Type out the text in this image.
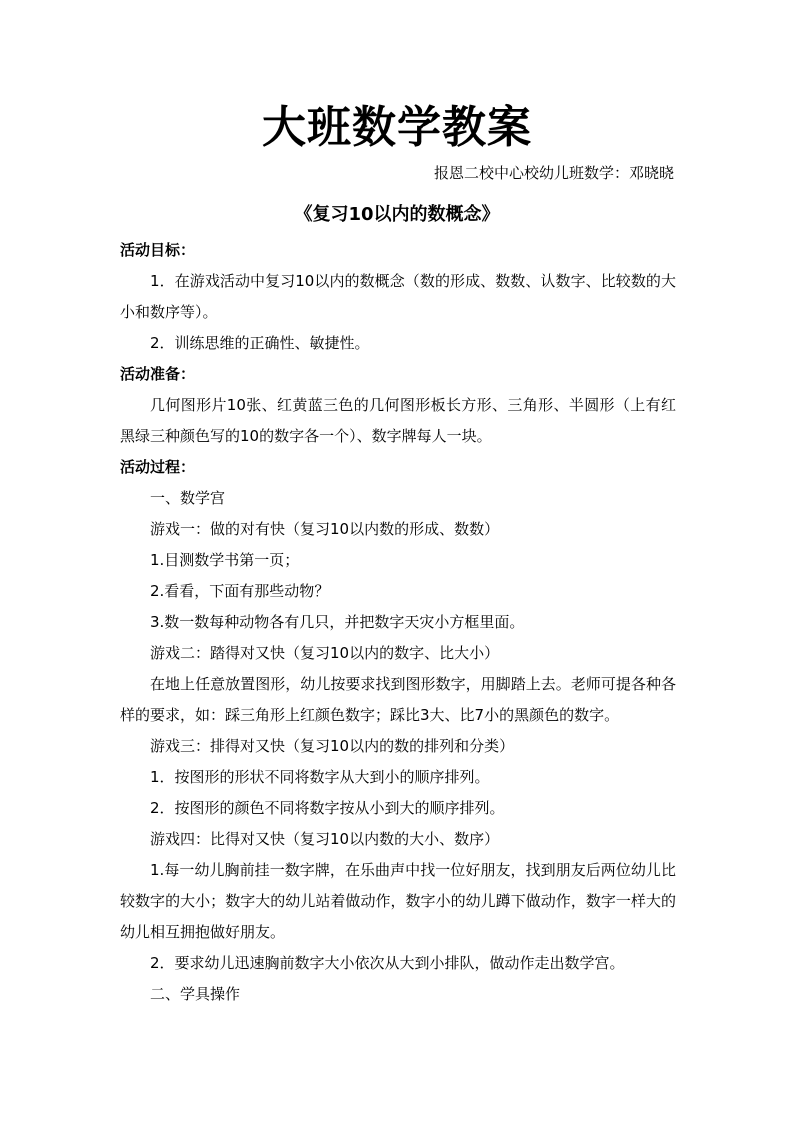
大班数学教案
报恩二校中心校幼儿班数学：邓晓晓
《复习10以内的数概念》
活动目标：
1．在游戏活动中复习10以内的数概念（数的形成、数数、认数字、比较数的大小和数序等）。
2．训练思维的正确性、敏捷性。
活动准备：
几何图形片10张、红黄蓝三色的几何图形板长方形、三角形、半圆形（上有红黑绿三种颜色写的10的数字各一个）、数字牌每人一块。
活动过程：
一、数学宫
游戏一：做的对有快（复习10以内数的形成、数数）
1.目测数学书第一页；
2.看看，下面有那些动物？
3.数一数每种动物各有几只，并把数字天灾小方框里面。
游戏二：踏得对又快（复习10以内的数字、比大小）
在地上任意放置图形，幼儿按要求找到图形数字，用脚踏上去。老师可提各种各样的要求，如：踩三角形上红颜色数字；踩比3大、比7小的黑颜色的数字。
游戏三：排得对又快（复习10以内的数的排列和分类）
1．按图形的形状不同将数字从大到小的顺序排列。
2．按图形的颜色不同将数字按从小到大的顺序排列。
游戏四：比得对又快（复习10以内数的大小、数序）
1.每一幼儿胸前挂一数字牌，在乐曲声中找一位好朋友，找到朋友后两位幼儿比较数字的大小；数字大的幼儿站着做动作，数字小的幼儿蹲下做动作，数字一样大的幼儿相互拥抱做好朋友。
2．要求幼儿迅速胸前数字大小依次从大到小排队，做动作走出数学宫。
二、学具操作
